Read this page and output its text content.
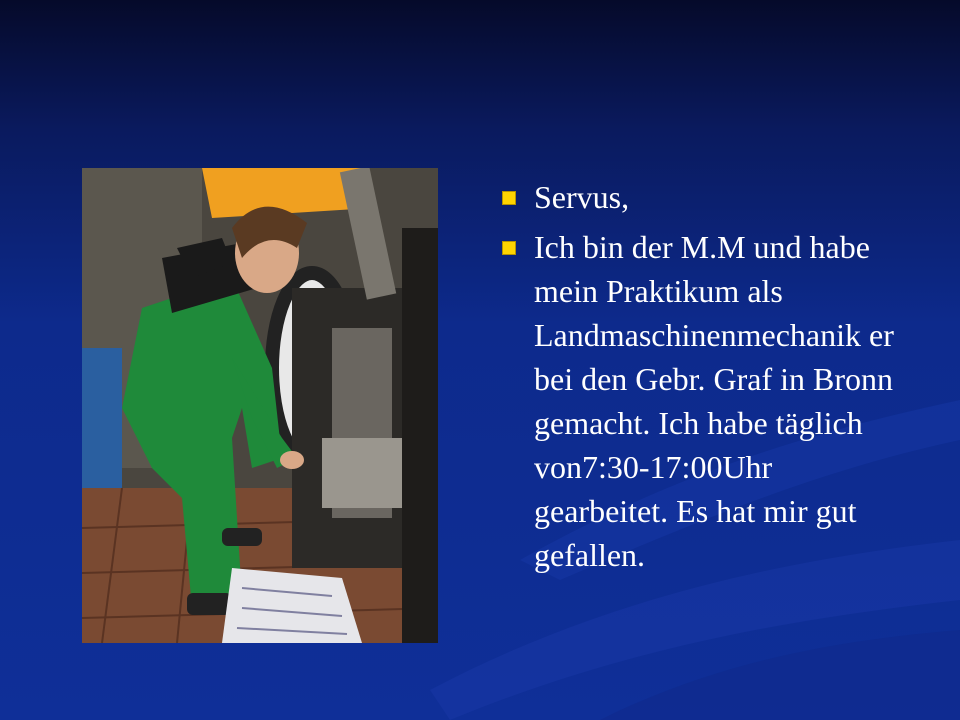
Servus,
Ich bin der M.M und habe mein Praktikum als Landmaschinenmechanik er bei den Gebr. Graf in Bronn gemacht. Ich habe täglich von7:30-17:00Uhr gearbeitet. Es hat mir gut gefallen.
